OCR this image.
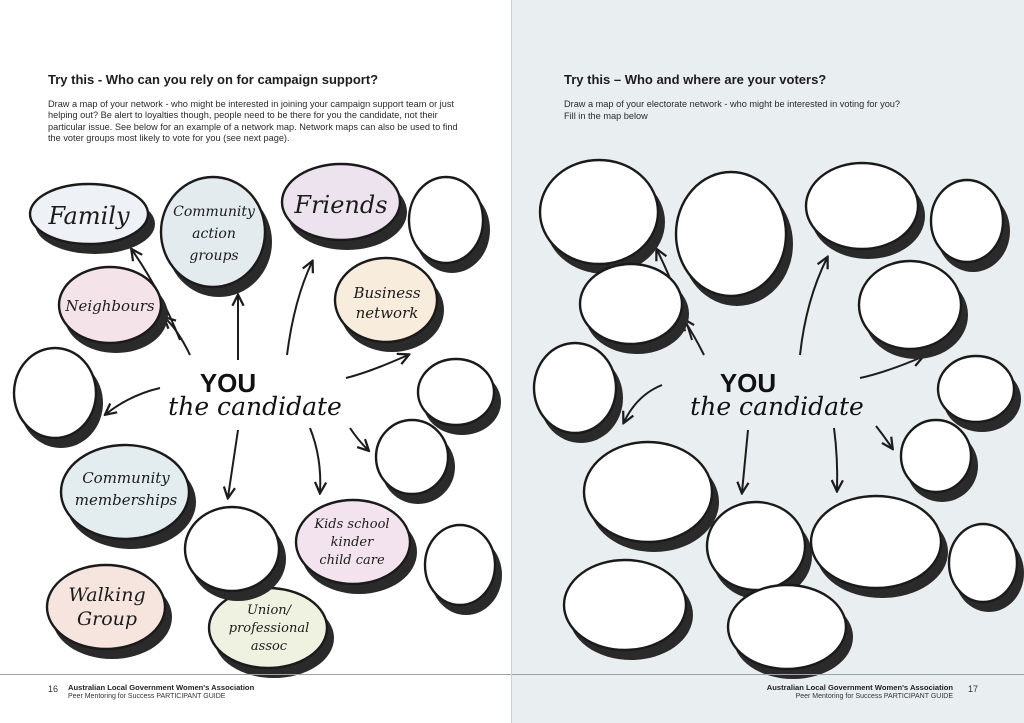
Try this - Who can you rely on for campaign support?
Draw a map of your network - who might be interested in joining your campaign support team or just helping out? Be alert to loyalties though, people need to be there for you the candidate, not their particular issue. See below for an example of a network map. Network maps can also be used to find the voter groups most likely to vote for you (see next page).
Family	Community
action
groups
Friends
Neighbours
Business
network
Community
memberships
Walking
Group
Kids school
kinder
child care
Union/
professional
assoc
YOU
the candidate
16 Australian Local Government Women's Association
Peer Mentoring for Success PARTICIPANT GUIDE
Try this – Who and where are your voters?
Draw a map of your electorate network - who might be interested in voting for you?
Fill in the map below
YOU
the candidate
Australian Local Government Women's Association
Peer Mentoring for Success PARTICIPANT GUIDE
17
